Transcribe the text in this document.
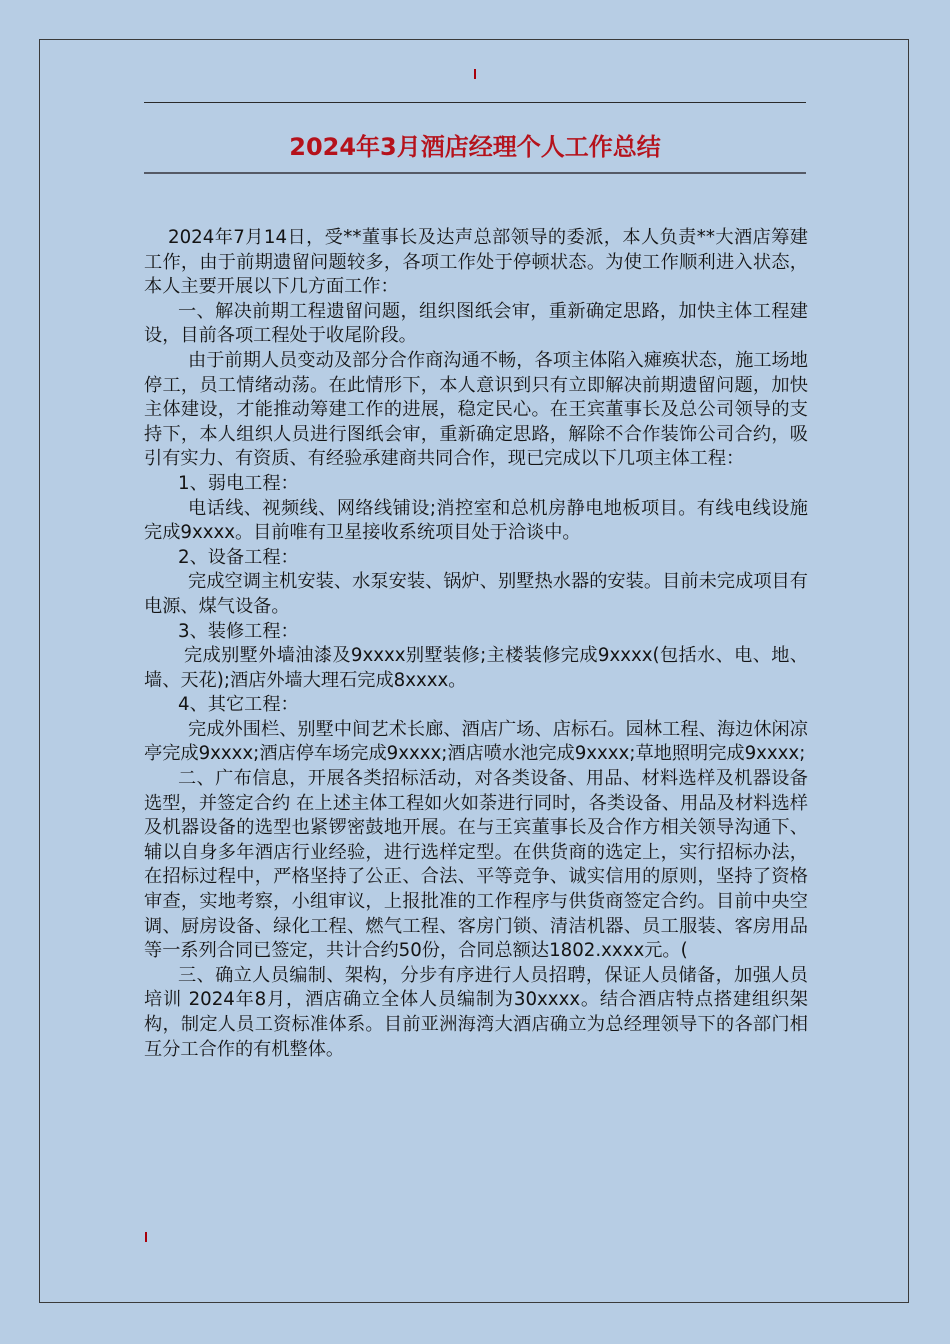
2024年3月酒店经理个人工作总结

2024年7月14日，受**董事长及达声总部领导的委派，本人负责**大酒店筹建工作，由于前期遗留问题较多，各项工作处于停顿状态。为使工作顺利进入状态，本人主要开展以下几方面工作：

一、解决前期工程遗留问题，组织图纸会审，重新确定思路，加快主体工程建设，目前各项工程处于收尾阶段。

由于前期人员变动及部分合作商沟通不畅，各项主体陷入瘫痪状态，施工场地停工，员工情绪动荡。在此情形下，本人意识到只有立即解决前期遗留问题，加快主体建设，才能推动筹建工作的进展，稳定民心。在王宾董事长及总公司领导的支持下，本人组织人员进行图纸会审，重新确定思路，解除不合作装饰公司合约，吸引有实力、有资质、有经验承建商共同合作，现已完成以下几项主体工程：

1、弱电工程：

电话线、视频线、网络线铺设;消控室和总机房静电地板项目。有线电线设施完成9xxxx。目前唯有卫星接收系统项目处于洽谈中。

2、设备工程：

完成空调主机安装、水泵安装、锅炉、别墅热水器的安装。目前未完成项目有电源、煤气设备。

3、装修工程：

完成别墅外墙油漆及9xxxx别墅装修;主楼装修完成9xxxx(包括水、电、地、墙、天花);酒店外墙大理石完成8xxxx。

4、其它工程：

完成外围栏、别墅中间艺术长廊、酒店广场、店标石。园林工程、海边休闲凉亭完成9xxxx;酒店停车场完成9xxxx;酒店喷水池完成9xxxx;草地照明完成9xxxx;

二、广布信息，开展各类招标活动，对各类设备、用品、材料选样及机器设备选型，并签定合约 在上述主体工程如火如荼进行同时，各类设备、用品及材料选样及机器设备的选型也紧锣密鼓地开展。在与王宾董事长及合作方相关领导沟通下、辅以自身多年酒店行业经验，进行选样定型。在供货商的选定上，实行招标办法，在招标过程中，严格坚持了公正、合法、平等竞争、诚实信用的原则，坚持了资格审查，实地考察，小组审议，上报批准的工作程序与供货商签定合约。目前中央空调、厨房设备、绿化工程、燃气工程、客房门锁、清洁机器、员工服装、客房用品等一系列合同已签定，共计合约50份，合同总额达1802.xxxx元。(

三、确立人员编制、架构，分步有序进行人员招聘，保证人员储备，加强人员培训 2024年8月，酒店确立全体人员编制为30xxxx。结合酒店特点搭建组织架构，制定人员工资标准体系。目前亚洲海湾大酒店确立为总经理领导下的各部门相互分工合作的有机整体。
